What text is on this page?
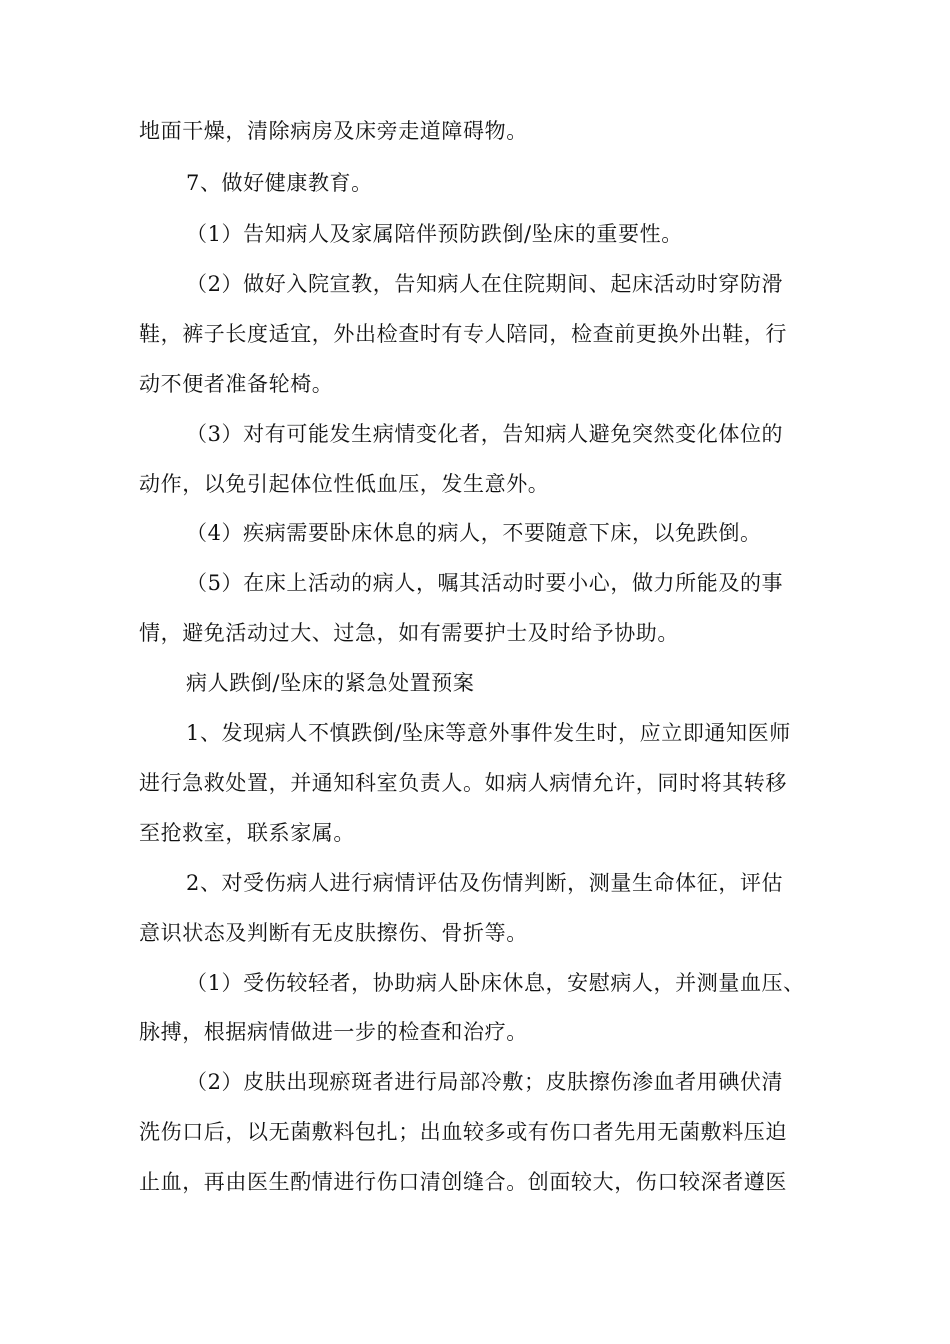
地面干燥，清除病房及床旁走道障碍物。
7、做好健康教育。
（1）告知病人及家属陪伴预防跌倒/坠床的重要性。
（2）做好入院宣教，告知病人在住院期间、起床活动时穿防滑
鞋，裤子长度适宜，外出检查时有专人陪同，检查前更换外出鞋，行
动不便者准备轮椅。
（3）对有可能发生病情变化者，告知病人避免突然变化体位的
动作，以免引起体位性低血压，发生意外。
（4）疾病需要卧床休息的病人，不要随意下床，以免跌倒。
（5）在床上活动的病人，嘱其活动时要小心，做力所能及的事
情，避免活动过大、过急，如有需要护士及时给予协助。
病人跌倒/坠床的紧急处置预案
1、发现病人不慎跌倒/坠床等意外事件发生时，应立即通知医师
进行急救处置，并通知科室负责人。如病人病情允许，同时将其转移
至抢救室，联系家属。
2、对受伤病人进行病情评估及伤情判断，测量生命体征，评估
意识状态及判断有无皮肤擦伤、骨折等。
（1）受伤较轻者，协助病人卧床休息，安慰病人，并测量血压、
脉搏，根据病情做进一步的检查和治疗。
（2）皮肤出现瘀斑者进行局部冷敷；皮肤擦伤渗血者用碘伏清
洗伤口后，以无菌敷料包扎；出血较多或有伤口者先用无菌敷料压迫
止血，再由医生酌情进行伤口清创缝合。创面较大，伤口较深者遵医
